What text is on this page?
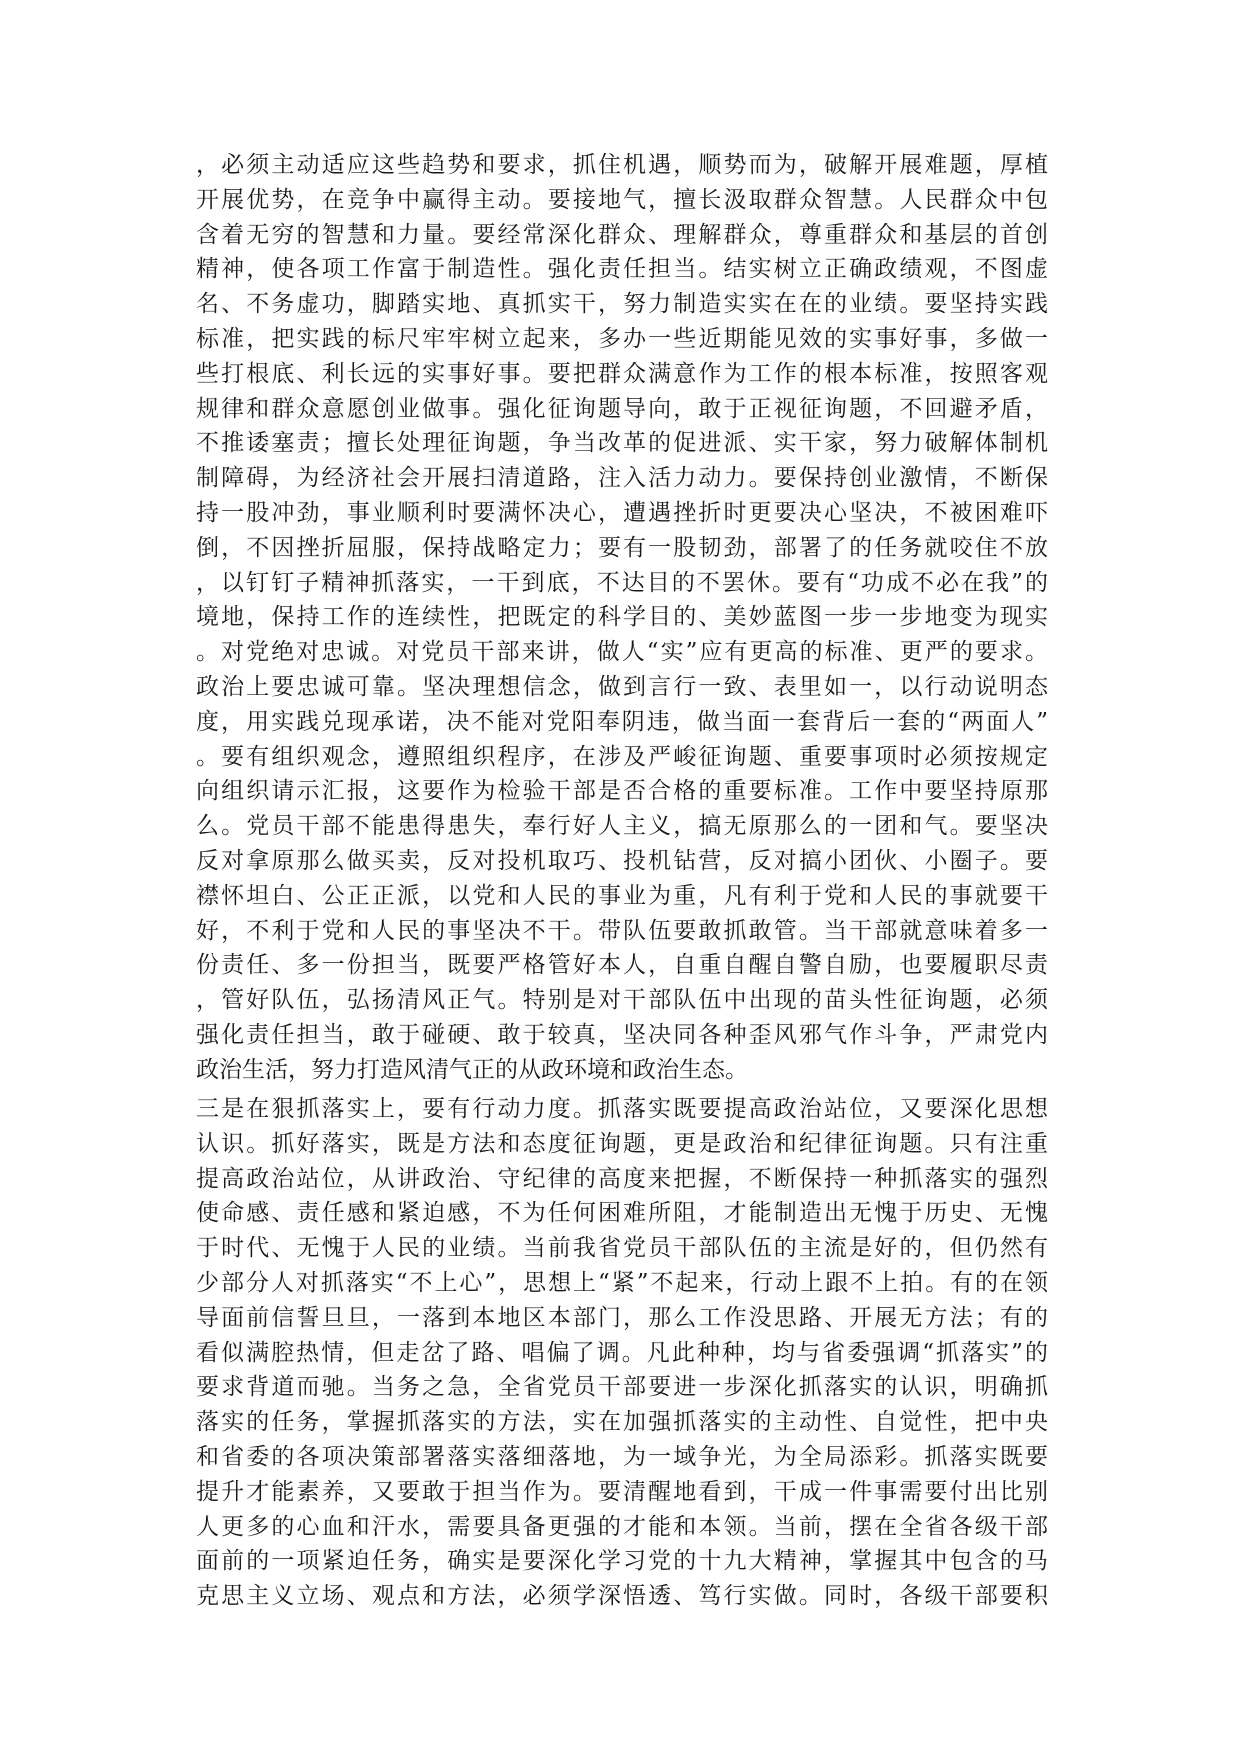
，必须主动适应这些趋势和要求，抓住机遇，顺势而为，破解开展难题，厚植
开展优势，在竞争中赢得主动。要接地气，擅长汲取群众智慧。人民群众中包
含着无穷的智慧和力量。要经常深化群众、理解群众，尊重群众和基层的首创
精神，使各项工作富于制造性。强化责任担当。结实树立正确政绩观，不图虚
名、不务虚功，脚踏实地、真抓实干，努力制造实实在在的业绩。要坚持实践
标准，把实践的标尺牢牢树立起来，多办一些近期能见效的实事好事，多做一
些打根底、利长远的实事好事。要把群众满意作为工作的根本标准，按照客观
规律和群众意愿创业做事。强化征询题导向，敢于正视征询题，不回避矛盾，
不推诿塞责；擅长处理征询题，争当改革的促进派、实干家，努力破解体制机
制障碍，为经济社会开展扫清道路，注入活力动力。要保持创业激情，不断保
持一股冲劲，事业顺利时要满怀决心，遭遇挫折时更要决心坚决，不被困难吓
倒，不因挫折屈服，保持战略定力；要有一股韧劲，部署了的任务就咬住不放
，以钉钉子精神抓落实，一干到底，不达目的不罢休。要有“功成不必在我”的
境地，保持工作的连续性，把既定的科学目的、美妙蓝图一步一步地变为现实
。对党绝对忠诚。对党员干部来讲，做人“实”应有更高的标准、更严的要求。
政治上要忠诚可靠。坚决理想信念，做到言行一致、表里如一，以行动说明态
度，用实践兑现承诺，决不能对党阳奉阴违，做当面一套背后一套的“两面人”
。要有组织观念，遵照组织程序，在涉及严峻征询题、重要事项时必须按规定
向组织请示汇报，这要作为检验干部是否合格的重要标准。工作中要坚持原那
么。党员干部不能患得患失，奉行好人主义，搞无原那么的一团和气。要坚决
反对拿原那么做买卖，反对投机取巧、投机钻营，反对搞小团伙、小圈子。要
襟怀坦白、公正正派，以党和人民的事业为重，凡有利于党和人民的事就要干
好，不利于党和人民的事坚决不干。带队伍要敢抓敢管。当干部就意味着多一
份责任、多一份担当，既要严格管好本人，自重自醒自警自励，也要履职尽责
，管好队伍，弘扬清风正气。特别是对干部队伍中出现的苗头性征询题，必须
强化责任担当，敢于碰硬、敢于较真，坚决同各种歪风邪气作斗争，严肃党内
政治生活，努力打造风清气正的从政环境和政治生态。
三是在狠抓落实上，要有行动力度。抓落实既要提高政治站位，又要深化思想
认识。抓好落实，既是方法和态度征询题，更是政治和纪律征询题。只有注重
提高政治站位，从讲政治、守纪律的高度来把握，不断保持一种抓落实的强烈
使命感、责任感和紧迫感，不为任何困难所阻，才能制造出无愧于历史、无愧
于时代、无愧于人民的业绩。当前我省党员干部队伍的主流是好的，但仍然有
少部分人对抓落实“不上心”，思想上“紧”不起来，行动上跟不上拍。有的在领
导面前信誓旦旦，一落到本地区本部门，那么工作没思路、开展无方法；有的
看似满腔热情，但走岔了路、唱偏了调。凡此种种，均与省委强调“抓落实”的
要求背道而驰。当务之急，全省党员干部要进一步深化抓落实的认识，明确抓
落实的任务，掌握抓落实的方法，实在加强抓落实的主动性、自觉性，把中央
和省委的各项决策部署落实落细落地，为一域争光，为全局添彩。抓落实既要
提升才能素养，又要敢于担当作为。要清醒地看到，干成一件事需要付出比别
人更多的心血和汗水，需要具备更强的才能和本领。当前，摆在全省各级干部
面前的一项紧迫任务，确实是要深化学习党的十九大精神，掌握其中包含的马
克思主义立场、观点和方法，必须学深悟透、笃行实做。同时，各级干部要积
